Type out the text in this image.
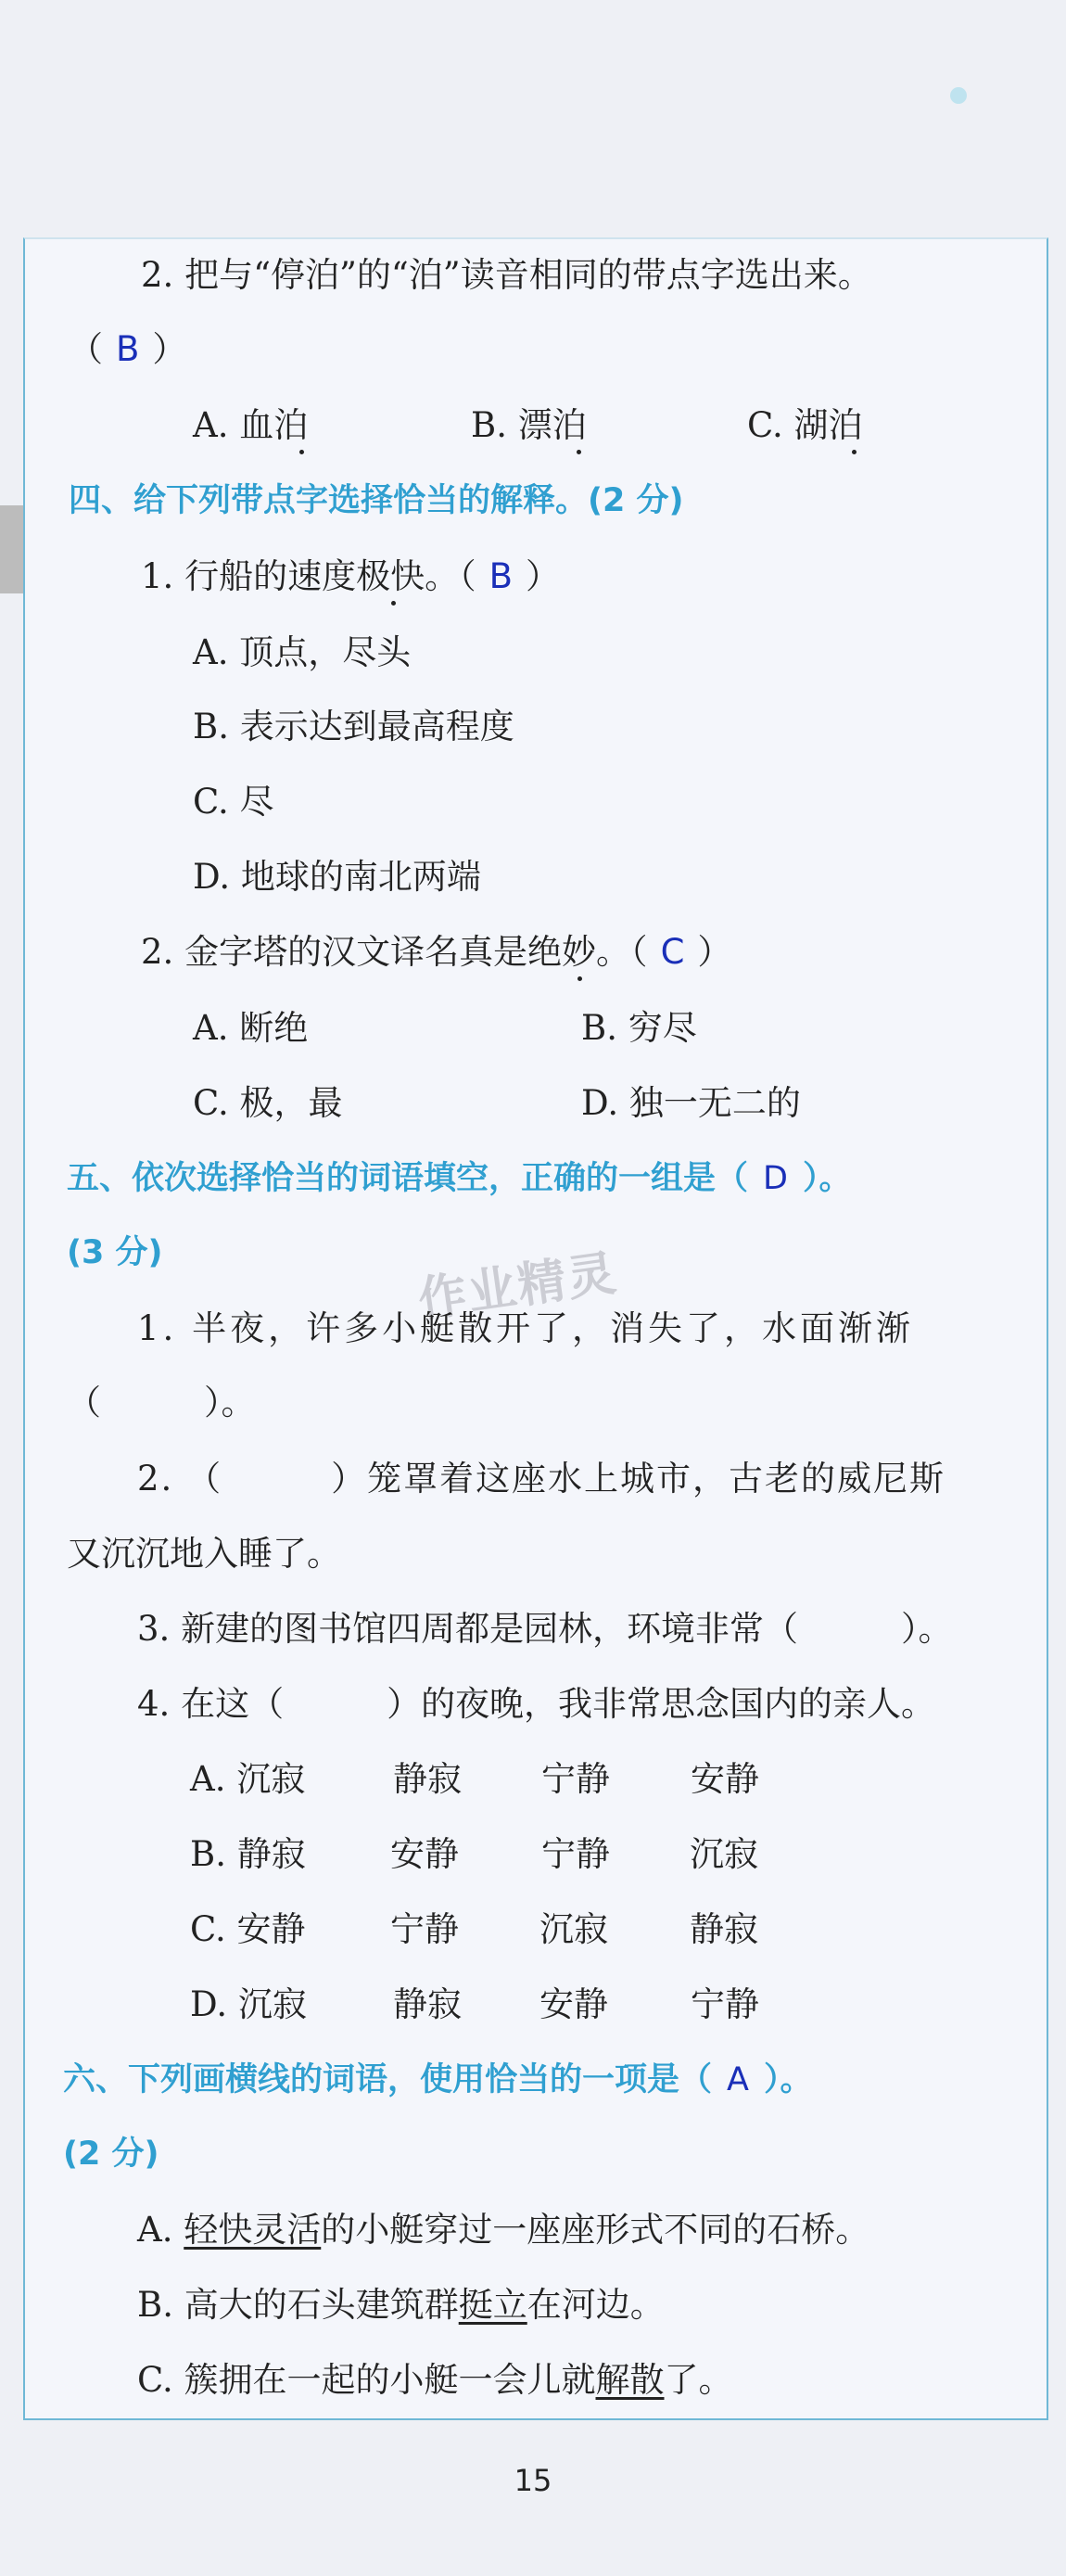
2. 把与“停泊”的“泊”读音相同的带点字选出来。
（ B ）
A. 血泊	B. 漂泊	C. 湖泊
四、给下列带点字选择恰当的解释。(2 分)
1. 行船的速度极快。（ B ）
A. 顶点，尽头
B. 表示达到最高程度
C. 尽
D. 地球的南北两端
2. 金字塔的汉文译名真是绝妙。（ C ）
A. 断绝	B. 穷尽
C. 极，最	D. 独一无二的
五、依次选择恰当的词语填空，正确的一组是（ D ）。
(3 分)	作业精灵
1. 半夜，许多小艇散开了，消失了，水面渐渐
（　　　）。
2. （　　　）笼罩着这座水上城市，古老的威尼斯
又沉沉地入睡了。
3. 新建的图书馆四周都是园林，环境非常（　　　）。
4. 在这（　　　）的夜晚，我非常思念国内的亲人。
A. 沉寂	静寂 宁静 安静
B. 静寂 安静 宁静 沉寂
C. 安静 宁静 沉寂 静寂
D. 沉寂	静寂 安静 宁静
六、下列画横线的词语，使用恰当的一项是（ A ）。
(2 分)
A. 轻快灵活的小艇穿过一座座形式不同的石桥。
B. 高大的石头建筑群挺立在河边。
C. 簇拥在一起的小艇一会儿就解散了。
15
